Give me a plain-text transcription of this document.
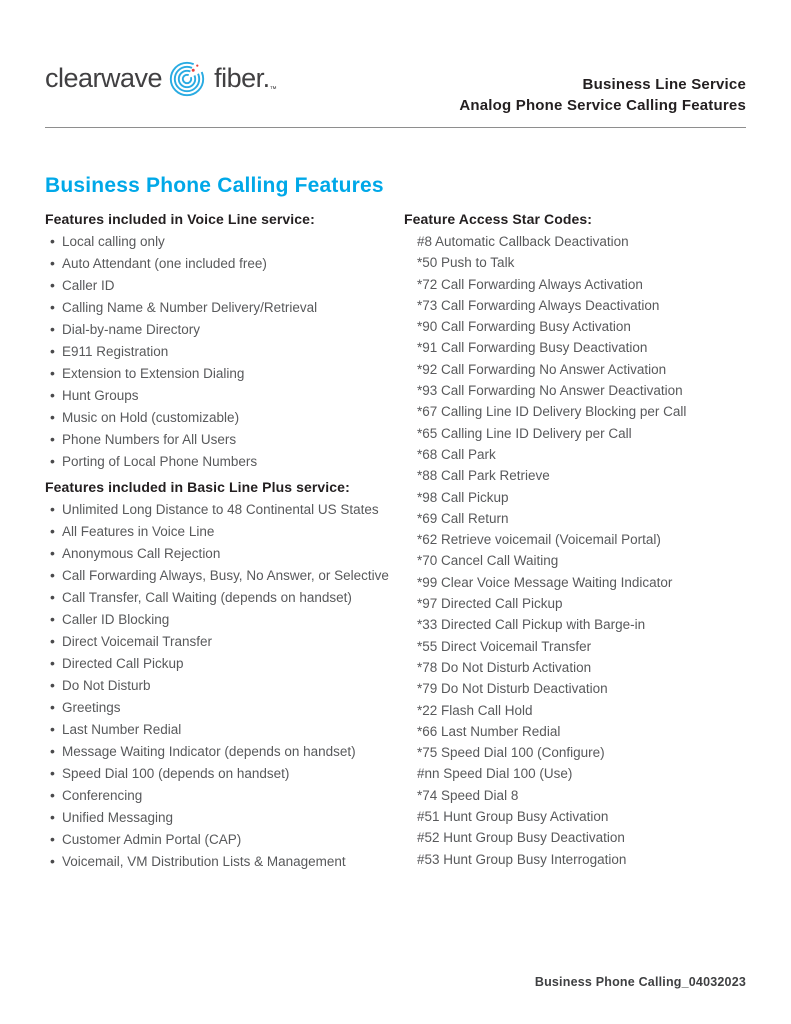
clearwave fiber.™	Business Line Service
Analog Phone Service Calling Features
Business Phone Calling Features
Features included in Voice Line service:
• Local calling only
• Auto Attendant (one included free)
• Caller ID
• Calling Name & Number Delivery/Retrieval
• Dial-by-name Directory
• E911 Registration
• Extension to Extension Dialing
• Hunt Groups
• Music on Hold (customizable)
• Phone Numbers for All Users
• Porting of Local Phone Numbers
Features included in Basic Line Plus service:
• Unlimited Long Distance to 48 Continental US States
• All Features in Voice Line
• Anonymous Call Rejection
• Call Forwarding Always, Busy, No Answer, or Selective
• Call Transfer, Call Waiting (depends on handset)
• Caller ID Blocking
• Direct Voicemail Transfer
• Directed Call Pickup
• Do Not Disturb
• Greetings
• Last Number Redial
• Message Waiting Indicator (depends on handset)
• Speed Dial 100 (depends on handset)
• Conferencing
• Unified Messaging
• Customer Admin Portal (CAP)
• Voicemail, VM Distribution Lists & Management
Feature Access Star Codes:
#8 Automatic Callback Deactivation
*50 Push to Talk
*72 Call Forwarding Always Activation
*73 Call Forwarding Always Deactivation
*90 Call Forwarding Busy Activation
*91 Call Forwarding Busy Deactivation
*92 Call Forwarding No Answer Activation
*93 Call Forwarding No Answer Deactivation
*67 Calling Line ID Delivery Blocking per Call
*65 Calling Line ID Delivery per Call
*68 Call Park
*88 Call Park Retrieve
*98 Call Pickup
*69 Call Return
*62 Retrieve voicemail (Voicemail Portal)
*70 Cancel Call Waiting
*99 Clear Voice Message Waiting Indicator
*97 Directed Call Pickup
*33 Directed Call Pickup with Barge-in
*55 Direct Voicemail Transfer
*78 Do Not Disturb Activation
*79 Do Not Disturb Deactivation
*22 Flash Call Hold
*66 Last Number Redial
*75 Speed Dial 100 (Configure)
#nn Speed Dial 100 (Use)
*74 Speed Dial 8
#51 Hunt Group Busy Activation
#52 Hunt Group Busy Deactivation
#53 Hunt Group Busy Interrogation
Business Phone Calling_04032023
